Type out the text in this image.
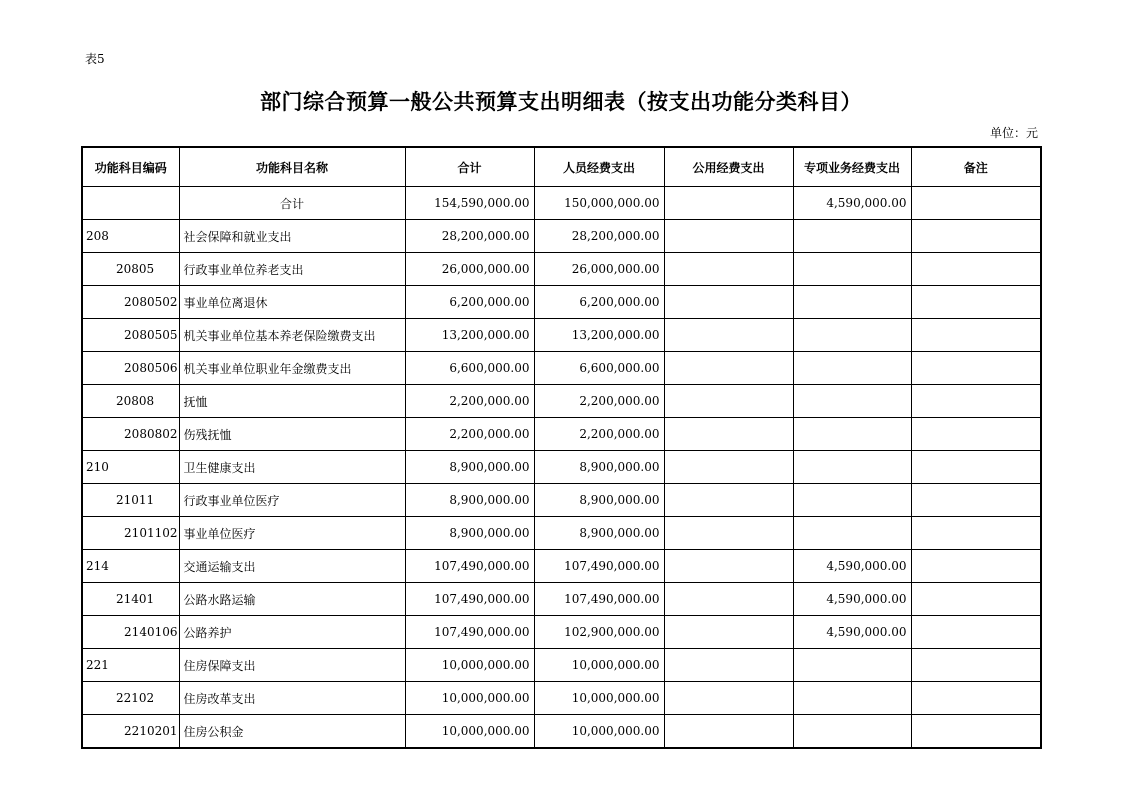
表5
部门综合预算一般公共预算支出明细表（按支出功能分类科目）
单位：元
功能科目编码	功能科目名称	合计	人员经费支出	公用经费支出	专项业务经费支出	备注
	合计	154,590,000.00	150,000,000.00		4,590,000.00	
208	社会保障和就业支出	28,200,000.00	28,200,000.00			
20805	行政事业单位养老支出	26,000,000.00	26,000,000.00			
2080502	事业单位离退休	6,200,000.00	6,200,000.00			
2080505	机关事业单位基本养老保险缴费支出	13,200,000.00	13,200,000.00			
2080506	机关事业单位职业年金缴费支出	6,600,000.00	6,600,000.00			
20808	抚恤	2,200,000.00	2,200,000.00			
2080802	伤残抚恤	2,200,000.00	2,200,000.00			
210	卫生健康支出	8,900,000.00	8,900,000.00			
21011	行政事业单位医疗	8,900,000.00	8,900,000.00			
2101102	事业单位医疗	8,900,000.00	8,900,000.00			
214	交通运输支出	107,490,000.00	107,490,000.00		4,590,000.00	
21401	公路水路运输	107,490,000.00	107,490,000.00		4,590,000.00	
2140106	公路养护	107,490,000.00	102,900,000.00		4,590,000.00	
221	住房保障支出	10,000,000.00	10,000,000.00			
22102	住房改革支出	10,000,000.00	10,000,000.00			
2210201	住房公积金	10,000,000.00	10,000,000.00			
